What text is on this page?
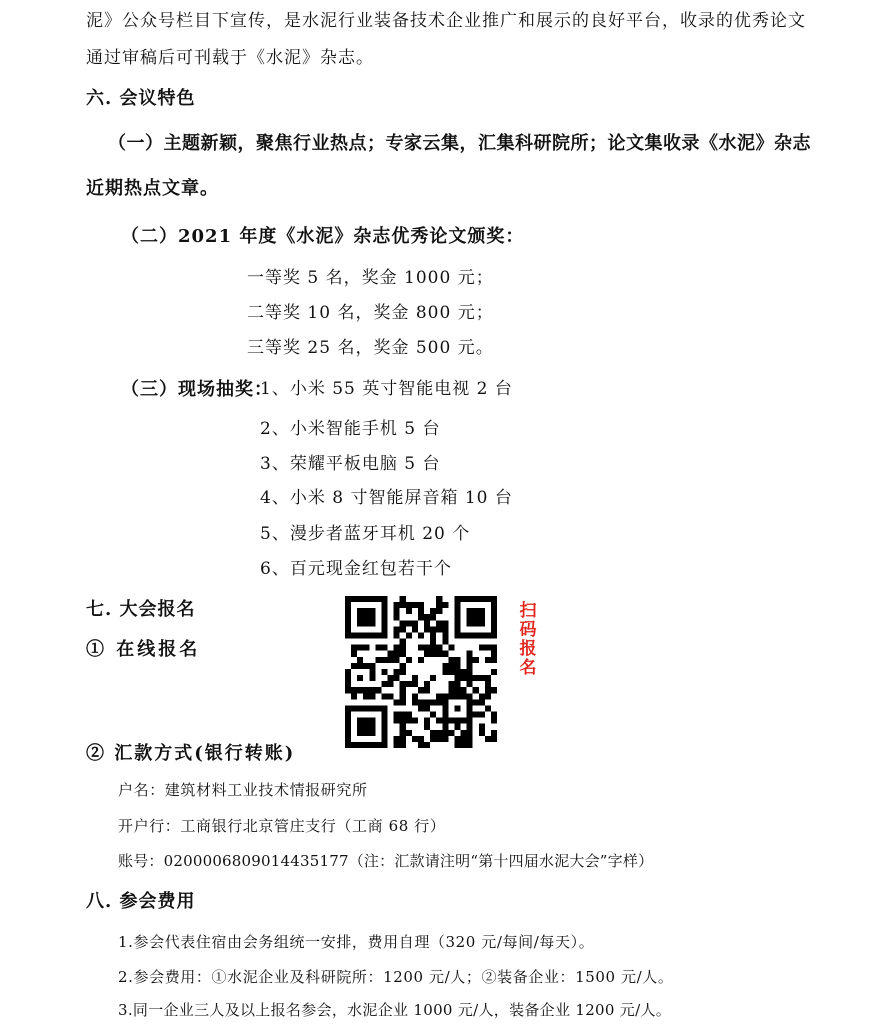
泥》公众号栏目下宣传，是水泥行业装备技术企业推广和展示的良好平台，收录的优秀论文
通过审稿后可刊载于《水泥》杂志。
六. 会议特色
（一）主题新颖，聚焦行业热点；专家云集，汇集科研院所；论文集收录《水泥》杂志
近期热点文章。
（二）2021 年度《水泥》杂志优秀论文颁奖：
一等奖 5 名，奖金 1000 元；
二等奖 10 名，奖金 800 元；
三等奖 25 名，奖金 500 元。
（三）现场抽奖：
1、小米 55 英寸智能电视 2 台
2、小米智能手机 5 台
3、荣耀平板电脑 5 台
4、小米 8 寸智能屏音箱 10 台
5、漫步者蓝牙耳机 20 个
6、百元现金红包若干个
七. 大会报名
① 在线报名
扫
码
报
名
② 汇款方式(银行转账)
户名：建筑材料工业技术情报研究所
开户行：工商银行北京管庄支行（工商 68 行）
账号：0200006809014435177（注：汇款请注明“第十四届水泥大会”字样）
八. 参会费用
1.参会代表住宿由会务组统一安排，费用自理（320 元/每间/每天）。
2.参会费用：①水泥企业及科研院所：1200 元/人；②装备企业：1500 元/人。
3.同一企业三人及以上报名参会，水泥企业 1000 元/人，装备企业 1200 元/人。
